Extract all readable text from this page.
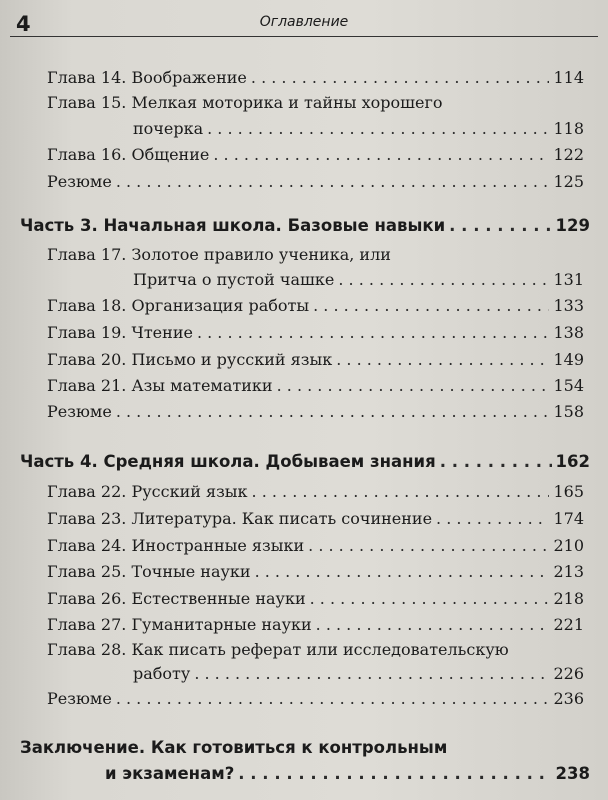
4	Оглавление
Глава 14. Воображение . . .	114
Глава 15. Мелкая моторика и тайны хорошего
почерка . . .	118
Глава 16. Общение . . .	122
Резюме . . .	125
Часть 3. Начальная школа. Базовые навыки . . .	129
Глава 17. Золотое правило ученика, или
Притча о пустой чашке . . .	131
Глава 18. Организация работы . . .	133
Глава 19. Чтение . . .	138
Глава 20. Письмо и русский язык . . .	149
Глава 21. Азы математики . . .	154
Резюме . . .	158
Часть 4. Средняя школа. Добываем знания . . .	162
Глава 22. Русский язык . . .	165
Глава 23. Литература. Как писать сочинение . . .	174
Глава 24. Иностранные языки . . .	210
Глава 25. Точные науки . . .	213
Глава 26. Естественные науки . . .	218
Глава 27. Гуманитарные науки . . .	221
Глава 28. Как писать реферат или исследовательскую
работу . . .	226
Резюме . . .	236
Заключение. Как готовиться к контрольным
и экзаменам? . . .	238
